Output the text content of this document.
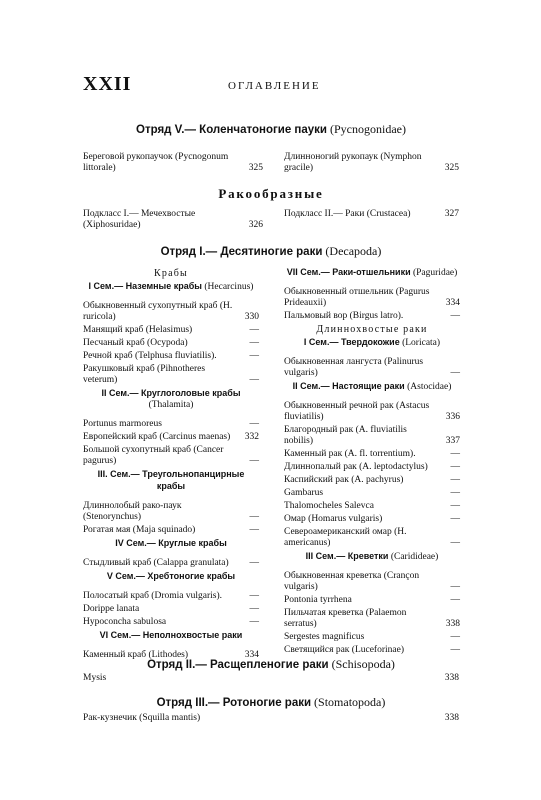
XXII	ОГЛАВЛЕНИЕ
Отряд V.— Коленчатоногие пауки (Pycnogonidae)
Береговой рукопаучок (Pycnogonum littorale)	325
Длинноногий рукопаук (Nymphon gracile)	325
Ракообразные
Подкласс I.— Мечехвостые (Xiphosuridae)	326
Подкласс II.— Раки (Crustacea)	327
Отряд I.— Десятиногие раки (Decapoda)
Крабы
I Сем.— Наземные крабы (Hecarcinus)
Обыкновенный сухопутный краб (H. ruricola)	330
Манящий краб (Helasimus)	—
Песчаный краб (Ocypoda)	—
Речной краб (Telphusa fluviatilis).	—
Ракушковый краб (Pihnotheres veterum)	—
II Сем.— Круглоголовые крабы (Thalamita)
Portunus marmoreus	—
Европейский краб (Carcinus maenas)	332
Большой сухопутный краб (Cancer pagurus)	—
III. Сем.— Треугольнопанцирные крабы
Длиннолобый рако-паук (Stenorynchus)	—
Рогатая мая (Maja squinado)	—
IV Сем.— Круглые крабы
Стыдливый краб (Calappa granulata)	—
V Сем.— Хребтоногие крабы
Полосатый краб (Dromia vulgaris).	—
Doripре lanata	—
Hypoconcha sabulosa	—
VI Сем.— Неполнохвостые раки
Каменный краб (Lithodes)	334
VII Сем.— Раки-отшельники (Paguridae)
Обыкновенный отшельник (Pagurus Prideauxii)	334
Пальмовый вор (Birgus latro).	—
Длиннохвостые раки
I Сем.— Твердокожие (Loricata)
Обыкновенная лангуста (Palinurus vulgaris)	—
II Сем.— Настоящие раки (Astocidae)
Обыкновенный речной рак (Astacus fluviatilis)	336
Благородный рак (A. fluviatilis nobilis)	337
Каменный рак (A. fl. torrentium).	—
Длиннопалый рак (A. leptodactylus)	—
Каспийский рак (A. pachyrus)	—
Gambarus	—
Thalomocheles Salevca	—
Омар (Homarus vulgaris)	—
Североамериканский омар (H. americanus)	—
III Сем.— Креветки (Caridideae)
Обыкновенная креветка (Crançon vulgaris)	—
Pontonia tyrrhena	—
Пильчатая креветка (Palaemon serratus)	338
Sergestes magnificus	—
Светящийся рак (Luceforinae)	—
Отряд II.— Расщепленогие раки (Schisopoda)
Mysis	338
Отряд III.— Ротоногие раки (Stomatopoda)
Рак-кузнечик (Squilla mantis)	338
